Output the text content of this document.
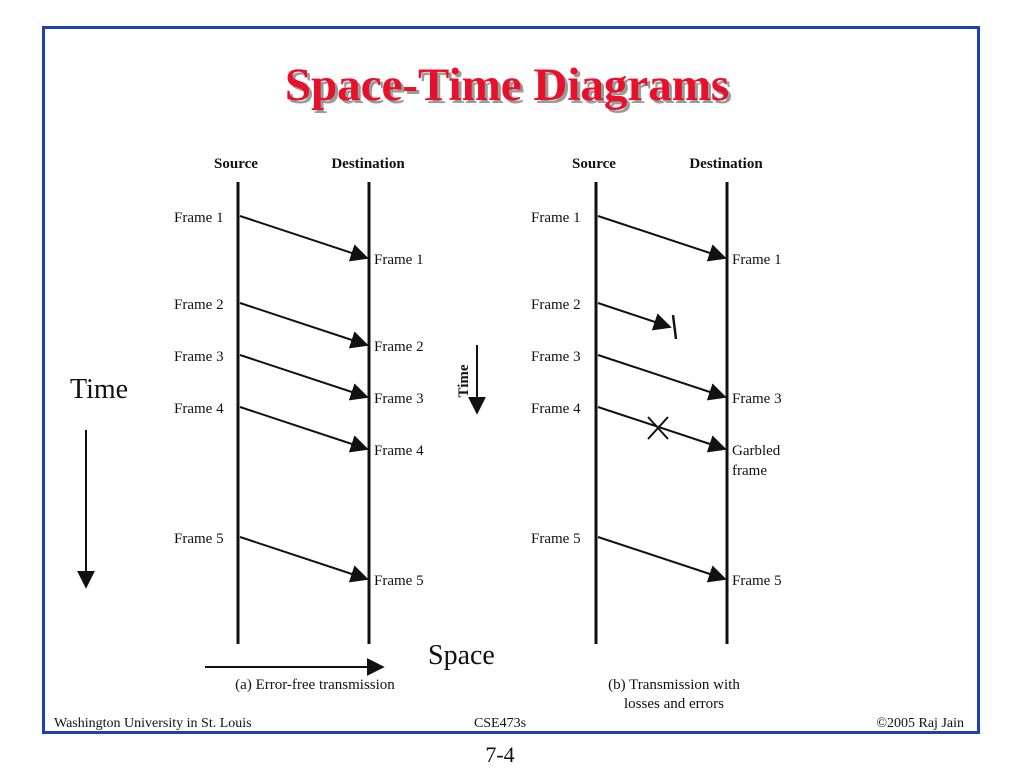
Space-Time Diagrams
Source	Destination
Frame 1
Frame 2
Frame 3
Frame 4
Frame 5
Frame 1
Frame 2
Frame 3
Frame 4
Frame 5
(a) Error-free transmission
Time
Time
Space
Source	Destination
Frame 1
Frame 2
Frame 3
Frame 4
Frame 5
Frame 1
Frame 3
Garbled
frame
Frame 5
(b) Transmission with
losses and errors
Washington University in St. Louis	CSE473s	©2005 Raj Jain
7-4
